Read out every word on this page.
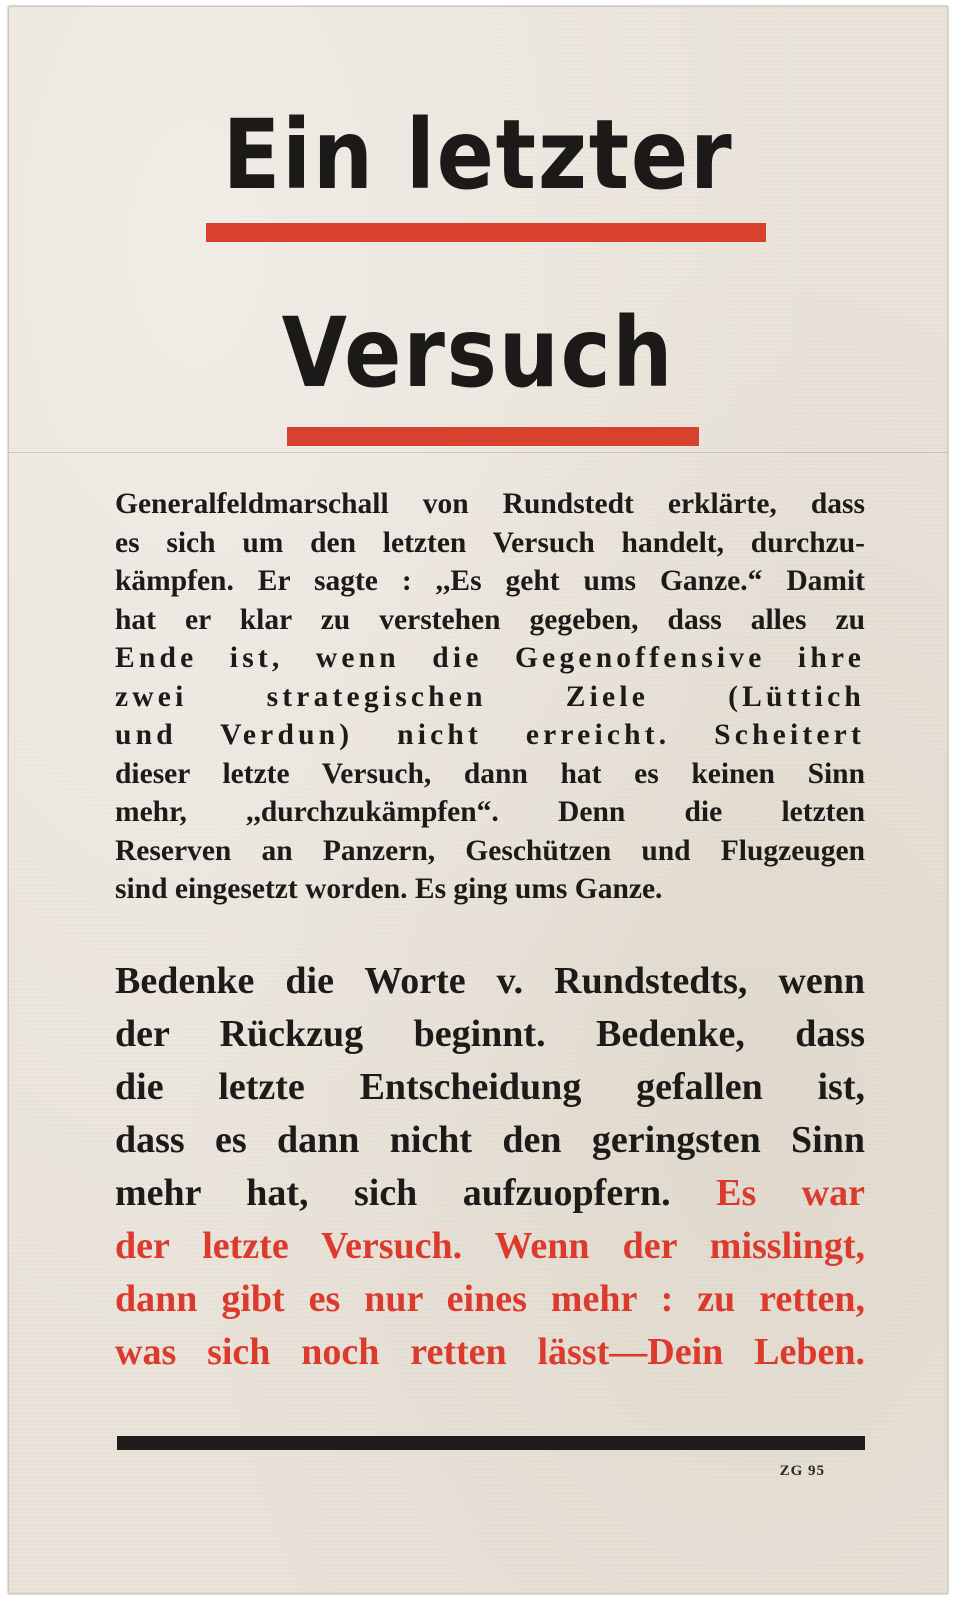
Ein letzter
Versuch
Generalfeldmarschall von Rundstedt erklärte, dass
es sich um den letzten Versuch handelt, durchzu-
kämpfen. Er sagte : ,,Es geht ums Ganze.“ Damit
hat er klar zu verstehen gegeben, dass alles zu
Ende ist, wenn die Gegenoffensive ihre
zwei strategischen Ziele (Lüttich
und Verdun) nicht erreicht. Scheitert
dieser letzte Versuch, dann hat es keinen Sinn
mehr, ,,durchzukämpfen“. Denn die letzten
Reserven an Panzern, Geschützen und Flugzeugen
sind eingesetzt worden. Es ging ums Ganze.
Bedenke die Worte v. Rundstedts, wenn
der Rückzug beginnt. Bedenke, dass
die letzte Entscheidung gefallen ist,
dass es dann nicht den geringsten Sinn
mehr hat, sich aufzuopfern. Es war
der letzte Versuch. Wenn der misslingt,
dann gibt es nur eines mehr : zu retten,
was sich noch retten lässt—Dein Leben.
ZG 95
